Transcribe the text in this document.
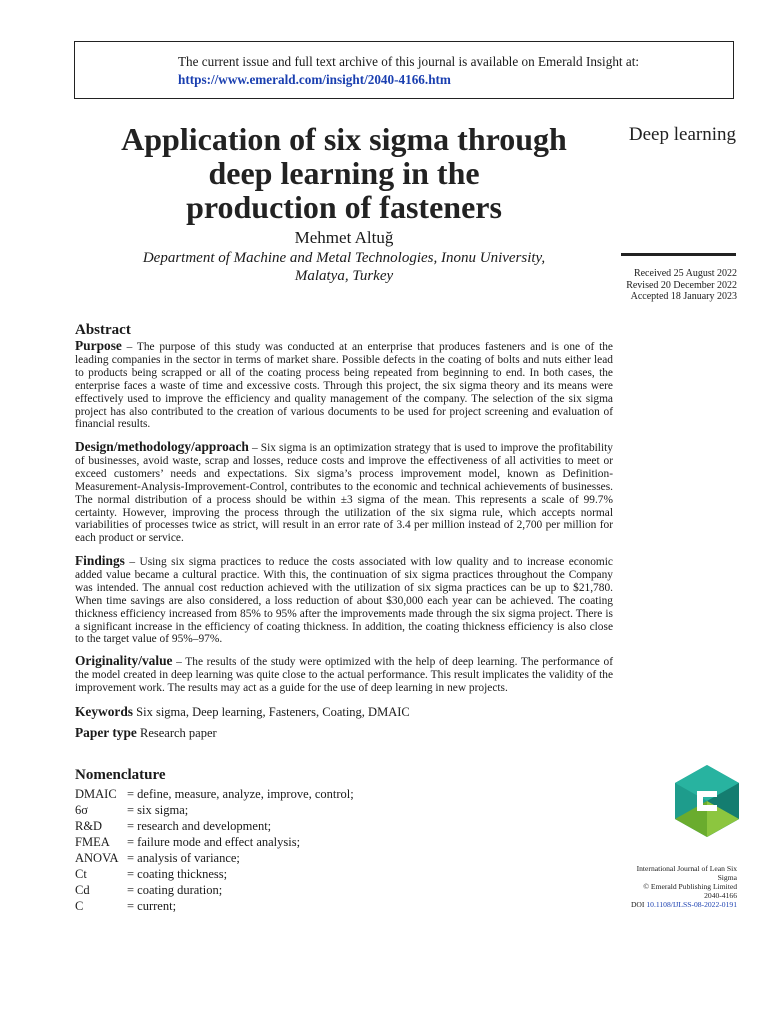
The current issue and full text archive of this journal is available on Emerald Insight at:
https://www.emerald.com/insight/2040-4166.htm
Application of six sigma through
deep learning in the
production of fasteners
Deep learning
Mehmet Altuğ
Department of Machine and Metal Technologies, Inonu University,
Malatya, Turkey	Received 25 August 2022
Revised 20 December 2022
Accepted 18 January 2023
Abstract
Purpose – The purpose of this study was conducted at an enterprise that produces fasteners and is one of the leading companies in the sector in terms of market share. Possible defects in the coating of bolts and nuts either lead to products being scrapped or all of the coating process being repeated from beginning to end. In both cases, the enterprise faces a waste of time and excessive costs. Through this project, the six sigma theory and its means were effectively used to improve the efficiency and quality management of the company. The selection of the six sigma project has also contributed to the creation of various documents to be used for project screening and evaluation of financial results.
Design/methodology/approach – Six sigma is an optimization strategy that is used to improve the profitability of businesses, avoid waste, scrap and losses, reduce costs and improve the effectiveness of all activities to meet or exceed customers’ needs and expectations. Six sigma’s process improvement model, known as Definition-Measurement-Analysis-Improvement-Control, contributes to the economic and technical achievements of businesses. The normal distribution of a process should be within ±3 sigma of the mean. This represents a scale of 99.7% certainty. However, improving the process through the utilization of the six sigma rule, which accepts normal variabilities of processes twice as strict, will result in an error rate of 3.4 per million instead of 2,700 per million for each product or service.
Findings – Using six sigma practices to reduce the costs associated with low quality and to increase economic added value became a cultural practice. With this, the continuation of six sigma practices throughout the Company was intended. The annual cost reduction achieved with the utilization of six sigma practices can be up to $21,780. When time savings are also considered, a loss reduction of about $30,000 each year can be achieved. The coating thickness efficiency increased from 85% to 95% after the improvements made through the six sigma project. There is a significant increase in the efficiency of coating thickness. In addition, the coating thickness efficiency is also close to the target value of 95%–97%.
Originality/value – The results of the study were optimized with the help of deep learning. The performance of the model created in deep learning was quite close to the actual performance. This result implicates the validity of the improvement work. The results may act as a guide for the use of deep learning in new projects.
Keywords Six sigma, Deep learning, Fasteners, Coating, DMAIC
Paper type Research paper
Nomenclature
DMAIC = define, measure, analyze, improve, control;
6σ	= six sigma;
R&D	= research and development;
FMEA	= failure mode and effect analysis;
ANOVA = analysis of variance;
Ct	= coating thickness;
Cd	= coating duration;
C	= current;
International Journal of Lean Six
Sigma
© Emerald Publishing Limited
2040-4166
DOI 10.1108/IJLSS-08-2022-0191
